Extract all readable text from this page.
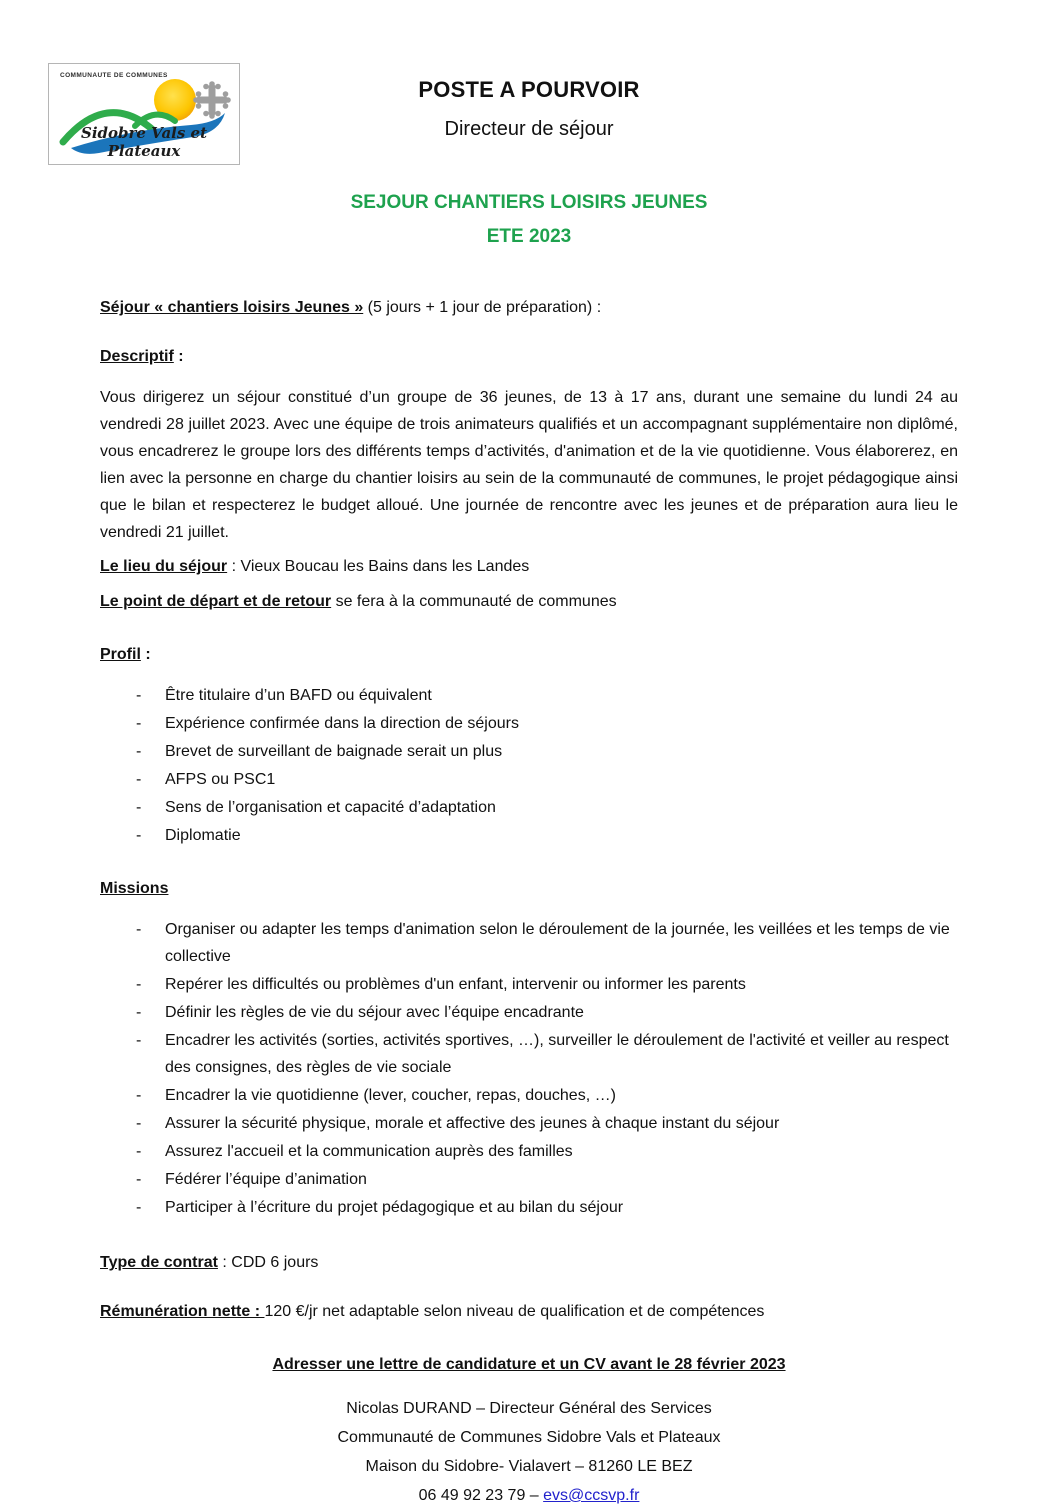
COMMUNAUTE DE COMMUNES
Sidobre Vals et Plateaux
POSTE A POURVOIR
Directeur de séjour
SEJOUR CHANTIERS LOISIRS JEUNES
ETE 2023
Séjour « chantiers loisirs Jeunes » (5 jours + 1 jour de préparation) :
Descriptif :

Vous dirigerez un séjour constitué d’un groupe de 36 jeunes, de 13 à 17 ans, durant une semaine du lundi 24 au vendredi 28 juillet 2023. Avec une équipe de trois animateurs qualifiés et un accompagnant supplémentaire non diplômé, vous encadrerez le groupe lors des différents temps d’activités, d'animation et de la vie quotidienne. Vous élaborerez, en lien avec la personne en charge du chantier loisirs au sein de la communauté de communes, le projet pédagogique ainsi que le bilan et respecterez le budget alloué. Une journée de rencontre avec les jeunes et de préparation aura lieu le vendredi 21 juillet.

Le lieu du séjour : Vieux Boucau les Bains dans les Landes
Le point de départ et de retour se fera à la communauté de communes
Profil :
- Être titulaire d’un BAFD ou équivalent
- Expérience confirmée dans la direction de séjours
- Brevet de surveillant de baignade serait un plus
- AFPS ou PSC1
- Sens de l’organisation et capacité d’adaptation
- Diplomatie
Missions
- Organiser ou adapter les temps d'animation selon le déroulement de la journée, les veillées et les temps de vie collective
- Repérer les difficultés ou problèmes d'un enfant, intervenir ou informer les parents
- Définir les règles de vie du séjour avec l’équipe encadrante
- Encadrer les activités (sorties, activités sportives, …), surveiller le déroulement de l'activité et veiller au respect des consignes, des règles de vie sociale
- Encadrer la vie quotidienne (lever, coucher, repas, douches, …)
- Assurer la sécurité physique, morale et affective des jeunes à chaque instant du séjour
- Assurez l'accueil et la communication auprès des familles
- Fédérer l’équipe d’animation
- Participer à l’écriture du projet pédagogique et au bilan du séjour
Type de contrat : CDD 6 jours
Rémunération nette : 120 €/jr net adaptable selon niveau de qualification et de compétences
Adresser une lettre de candidature et un CV avant le 28 février 2023
Nicolas DURAND – Directeur Général des Services
Communauté de Communes Sidobre Vals et Plateaux
Maison du Sidobre- Vialavert – 81260 LE BEZ
06 49 92 23 79 – evs@ccsvp.fr
